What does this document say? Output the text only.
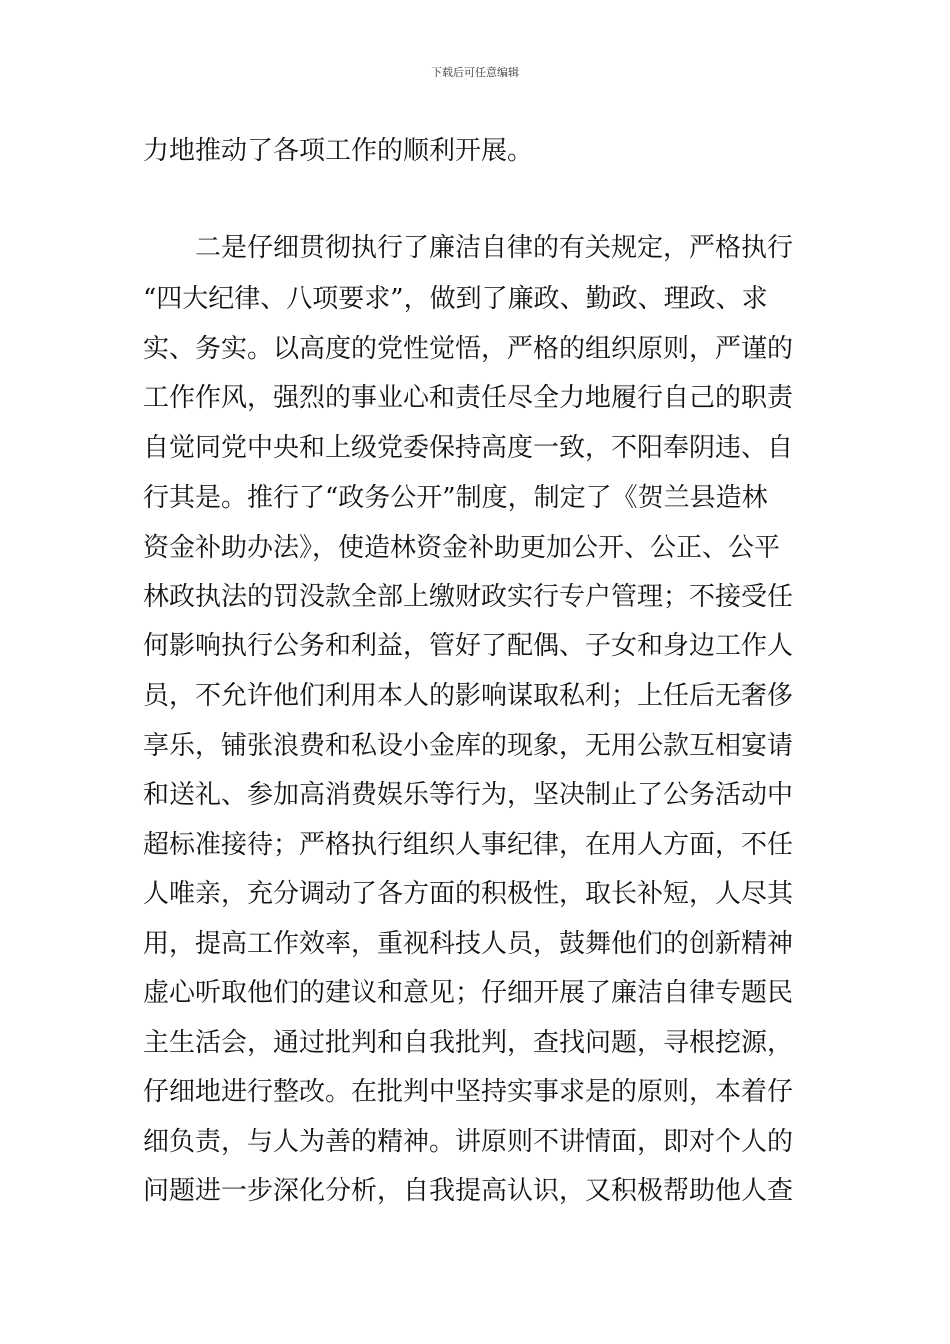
下载后可任意编辑
力地推动了各项工作的顺利开展。
二是仔细贯彻执行了廉洁自律的有关规定，严格执行
“四大纪律、八项要求”，做到了廉政、勤政、理政、求
实、务实。以高度的党性觉悟，严格的组织原则，严谨的
工作作风，强烈的事业心和责任尽全力地履行自己的职责
自觉同党中央和上级党委保持高度一致，不阳奉阴违、自
行其是。推行了“政务公开”制度，制定了《贺兰县造林
资金补助办法》，使造林资金补助更加公开、公正、公平
林政执法的罚没款全部上缴财政实行专户管理；不接受任
何影响执行公务和利益，管好了配偶、子女和身边工作人
员，不允许他们利用本人的影响谋取私利；上任后无奢侈
享乐，铺张浪费和私设小金库的现象，无用公款互相宴请
和送礼、参加高消费娱乐等行为，坚决制止了公务活动中
超标准接待；严格执行组织人事纪律，在用人方面，不任
人唯亲，充分调动了各方面的积极性，取长补短，人尽其
用，提高工作效率，重视科技人员，鼓舞他们的创新精神
虚心听取他们的建议和意见；仔细开展了廉洁自律专题民
主生活会，通过批判和自我批判，查找问题，寻根挖源，
仔细地进行整改。在批判中坚持实事求是的原则，本着仔
细负责，与人为善的精神。讲原则不讲情面，即对个人的
问题进一步深化分析，自我提高认识，又积极帮助他人查
